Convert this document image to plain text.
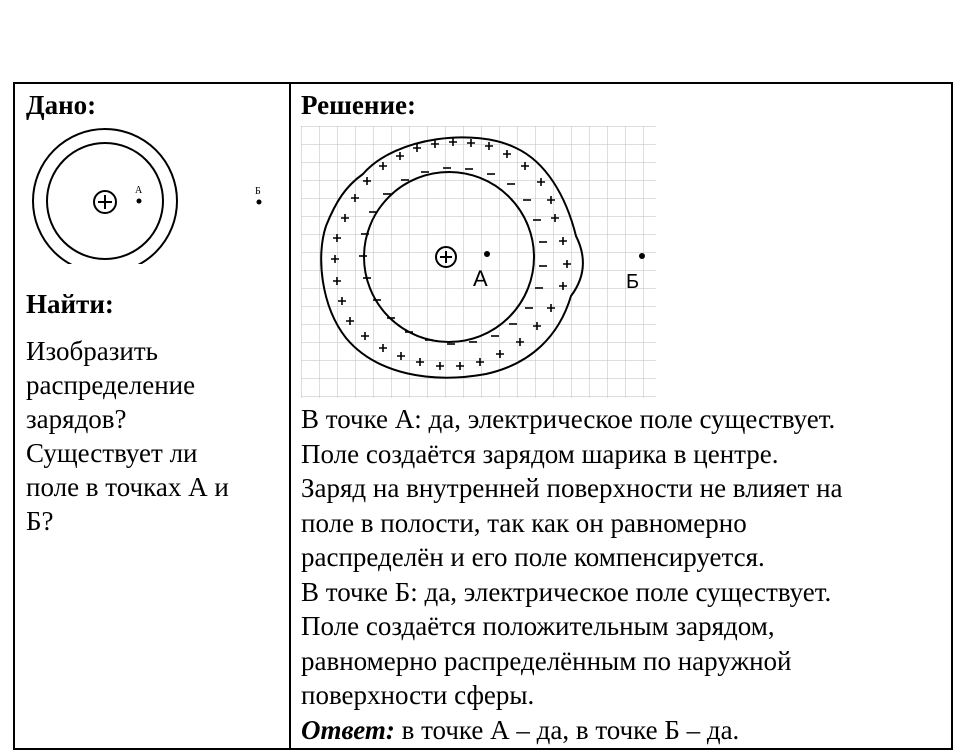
Дано:
А	Б
Найти:
Изобразить
распределение
зарядов?
Существует ли
поле в точках А и
Б?
Решение:
А	Б
В точке А: да, электрическое поле существует.
Поле создаётся зарядом шарика в центре.
Заряд на внутренней поверхности не влияет на
поле в полости, так как он равномерно
распределён и его поле компенсируется.
В точке Б: да, электрическое поле существует.
Поле создаётся положительным зарядом,
равномерно распределённым по наружной
поверхности сферы.
Ответ: в точке А – да, в точке Б – да.
